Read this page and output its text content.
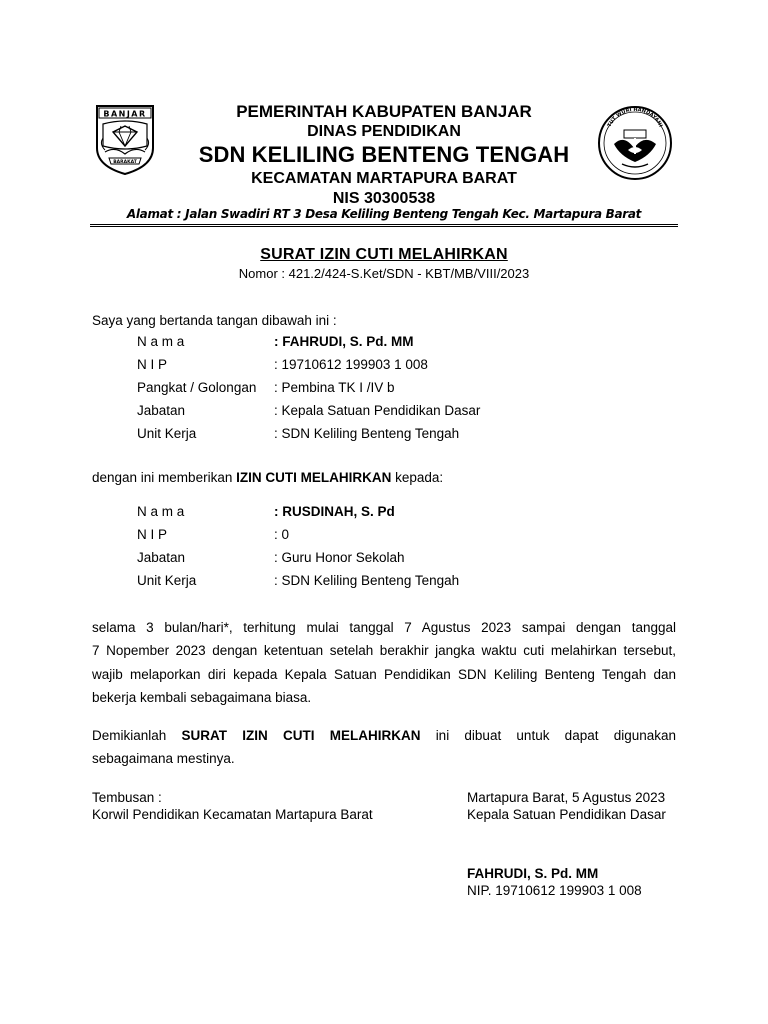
BANJAR
BARAKAT
PEMERINTAH KABUPATEN BANJAR
DINAS PENDIDIKAN
SDN KELILING BENTENG TENGAH
KECAMATAN MARTAPURA BARAT
NIS 30300538
TUT WURI HANDAYANI
Alamat : Jalan Swadiri RT 3 Desa Keliling Benteng Tengah Kec. Martapura Barat
SURAT IZIN CUTI MELAHIRKAN
Nomor : 421.2/424-S.Ket/SDN - KBT/MB/VIII/2023
Saya yang bertanda tangan dibawah ini :
N a m a	: FAHRUDI, S. Pd. MM
N I P	: 19710612 199903 1 008
Pangkat / Golongan : Pembina TK I /IV b
Jabatan	: Kepala Satuan Pendidikan Dasar
Unit Kerja	: SDN Keliling Benteng Tengah
dengan ini memberikan IZIN CUTI MELAHIRKAN kepada:
N a m a	: RUSDINAH, S. Pd
N I P	: 0
Jabatan	: Guru Honor Sekolah
Unit Kerja	: SDN Keliling Benteng Tengah
selama 3 bulan/hari*, terhitung mulai tanggal 7 Agustus 2023 sampai dengan tanggal
7 Nopember 2023 dengan ketentuan setelah berakhir jangka waktu cuti melahirkan tersebut,
wajib melaporkan diri kepada Kepala Satuan Pendidikan SDN Keliling Benteng Tengah dan
bekerja kembali sebagaimana biasa.
Demikianlah SURAT IZIN CUTI MELAHIRKAN ini dibuat untuk dapat digunakan
sebagaimana mestinya.
Tembusan :
Korwil Pendidikan Kecamatan Martapura Barat
Martapura Barat, 5 Agustus 2023
Kepala Satuan Pendidikan Dasar
FAHRUDI, S. Pd. MM
NIP. 19710612 199903 1 008
